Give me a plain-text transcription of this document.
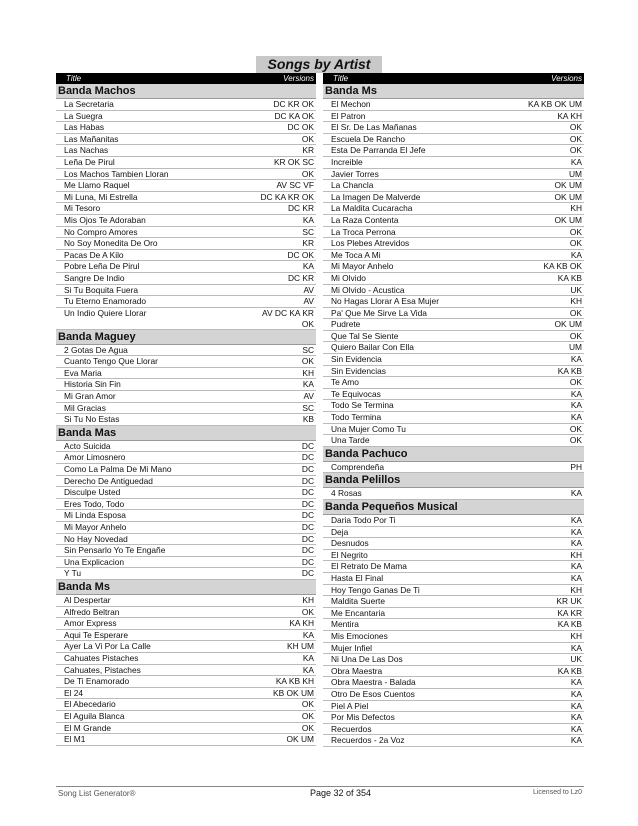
Songs by Artist
Title	Versions
Banda Machos
La Secretaria	DC KR OK
La Suegra	DC KA OK
Las Habas	DC OK
Las Mañanitas	OK
Las Nachas	KR
Leña De Pirul	KR OK SC
Los Machos Tambien Lloran	OK
Me Llamo Raquel	AV SC VF
Mi Luna, Mi Estrella	DC KA KR OK
Mi Tesoro	DC KR
Mis Ojos Te Adoraban	KA
No Compro Amores	SC
No Soy Monedita De Oro	KR
Pacas De A Kilo	DC OK
Pobre Leña De Pirul	KA
Sangre De Indio	DC KR
Si Tu Boquita Fuera	AV
Tu Eterno Enamorado	AV
Un Indio Quiere Llorar	AV DC KA KR OK
Banda Maguey
2 Gotas De Agua	SC
Cuanto Tengo Que Llorar	OK
Eva Maria	KH
Historia Sin Fin	KA
Mi Gran Amor	AV
Mil Gracias	SC
Si Tu No Estas	KB
Banda Mas
Acto Suicida	DC
Amor Limosnero	DC
Como La Palma De Mi Mano	DC
Derecho De Antiguedad	DC
Disculpe Usted	DC
Eres Todo, Todo	DC
Mi Linda Esposa	DC
Mi Mayor Anhelo	DC
No Hay Novedad	DC
Sin Pensarlo Yo Te Engañe	DC
Una Explicacion	DC
Y Tu	DC
Banda Ms
Al Despertar	KH
Alfredo Beltran	OK
Amor Express	KA KH
Aqui Te Esperare	KA
Ayer La Vi Por La Calle	KH UM
Cahuates Pistaches	KA
Cahuates, Pistaches	KA
De Ti Enamorado	KA KB KH
El 24	KB OK UM
El Abecedario	OK
El Aguila Blanca	OK
El M Grande	OK
El M1	OK UM
Title	Versions
Banda Ms
El Mechon	KA KB OK UM
El Patron	KA KH
El Sr. De Las Mañanas	OK
Escuela De Rancho	OK
Esta De Parranda El Jefe	OK
Increible	KA
Javier Torres	UM
La Chancla	OK UM
La Imagen De Malverde	OK UM
La Maldita Cucaracha	KH
La Raza Contenta	OK UM
La Troca Perrona	OK
Los Plebes Atrevidos	OK
Me Toca A Mi	KA
Mi Mayor Anhelo	KA KB OK
Mi Olvido	KA KB
Mi Olvido - Acustica	UK
No Hagas Llorar A Esa Mujer	KH
Pa' Que Me Sirve La Vida	OK
Pudrete	OK UM
Que Tal Se Siente	OK
Quiero Bailar Con Ella	UM
Sin Evidencia	KA
Sin Evidencias	KA KB
Te Amo	OK
Te Equivocas	KA
Todo Se Termina	KA
Todo Termina	KA
Una Mujer Como Tu	OK
Una Tarde	OK
Banda Pachuco
Comprendeña	PH
Banda Pelillos
4 Rosas	KA
Banda Pequeños Musical
Daria Todo Por Ti	KA
Deja	KA
Desnudos	KA
El Negrito	KH
El Retrato De Mama	KA
Hasta El Final	KA
Hoy Tengo Ganas De Ti	KH
Maldita Suerte	KR UK
Me Encantaria	KA KR
Mentira	KA KB
Mis Emociones	KH
Mujer Infiel	KA
Ni Una De Las Dos	UK
Obra Maestra	KA KB
Obra Maestra - Balada	KA
Otro De Esos Cuentos	KA
Piel A Piel	KA
Por Mis Defectos	KA
Recuerdos	KA
Recuerdos - 2a Voz	KA
Song List Generator®	Page 32 of 354	Licensed to Lz0
